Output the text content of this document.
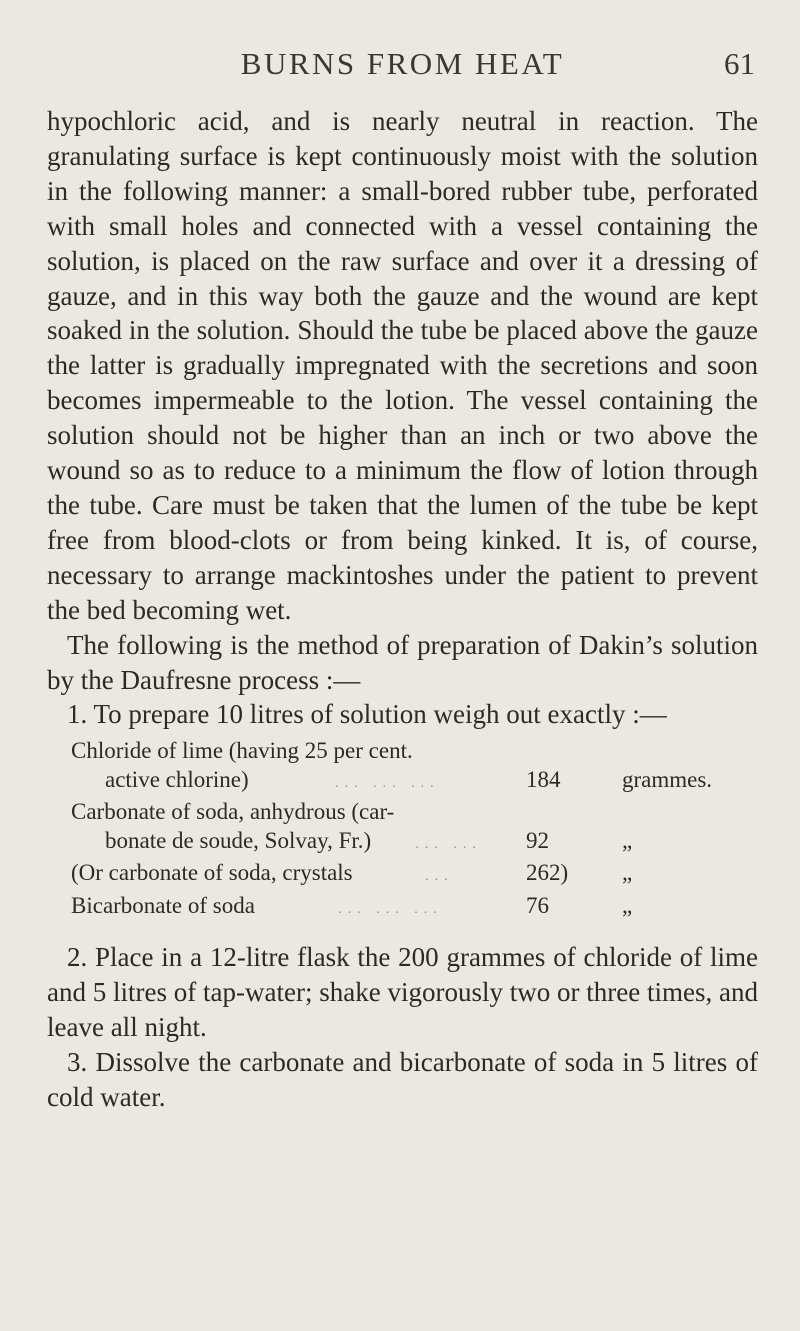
BURNS FROM HEAT	61

hypochloric acid, and is nearly neutral in reaction. The granulating surface is kept continuously moist with the solution in the following manner: a small-bored rubber tube, perforated with small holes and connected with a vessel containing the solution, is placed on the raw surface and over it a dressing of gauze, and in this way both the gauze and the wound are kept soaked in the solution. Should the tube be placed above the gauze the latter is gradually impregnated with the secretions and soon becomes impermeable to the lotion. The vessel containing the solution should not be higher than an inch or two above the wound so as to reduce to a minimum the flow of lotion through the tube. Care must be taken that the lumen of the tube be kept free from blood-clots or from being kinked. It is, of course, necessary to arrange mackintoshes under the patient to prevent the bed becoming wet.

The following is the method of preparation of Dakin’s solution by the Daufresne process :—

1. To prepare 10 litres of solution weigh out exactly :—

Chloride of lime (having 25 per cent.
active chlorine)	... ... ...	184	grammes.
Carbonate of soda, anhydrous (car-
bonate de soude, Solvay, Fr.)	... ...	92	„
(Or carbonate of soda, crystals	...	262)	„
Bicarbonate of soda	... ... ...	76	„

2. Place in a 12-litre flask the 200 grammes of chloride of lime and 5 litres of tap-water; shake vigorously two or three times, and leave all night.

3. Dissolve the carbonate and bicarbonate of soda in 5 litres of cold water.
